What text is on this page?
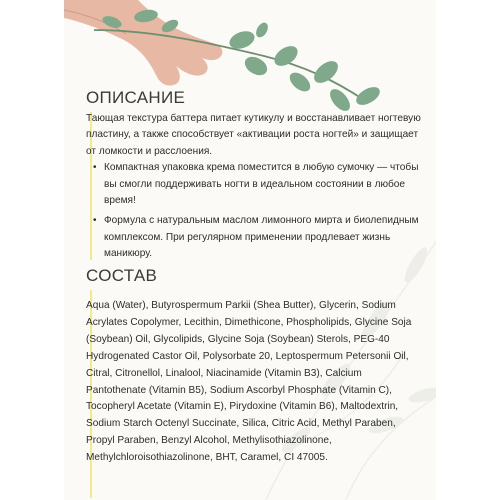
ОПИСАНИЕ

Тающая текстура баттера питает кутикулу и восстанавливает ногтевую пластину, а также способствует «активации роста ногтей» и защищает от ломкости и расслоения.

• Компактная упаковка крема поместится в любую сумочку — чтобы вы смогли поддерживать ногти в идеальном состоянии в любое время!
• Формула с натуральным маслом лимонного мирта и биолепидным комплексом. При регулярном применении продлевает жизнь маникюру.
СОСТАВ
Aqua (Water), Butyrospermum Parkii (Shea Butter), Glycerin, Sodium Acrylates Copolymer, Lecithin, Dimethicone, Phospholipids, Glycine Soja (Soybean) Oil, Glycolipids, Glycine Soja (Soybean) Sterols, PEG-40 Hydrogenated Castor Oil, Polysorbate 20, Leptospermum Petersonii Oil, Citral, Citronellol, Linalool, Niacinamide (Vitamin B3), Calcium Pantothenate (Vitamin B5), Sodium Ascorbyl Phosphate (Vitamin C), Tocopheryl Acetate (Vitamin E), Pirydoxine (Vitamin B6), Maltodextrin, Sodium Starch Octenyl Succinate, Silica, Citric Acid, Methyl Paraben, Propyl Paraben, Benzyl Alcohol, Methylisothiazolinone, Methylchloroisothiazolinone, BHT, Caramel, CI 47005.
